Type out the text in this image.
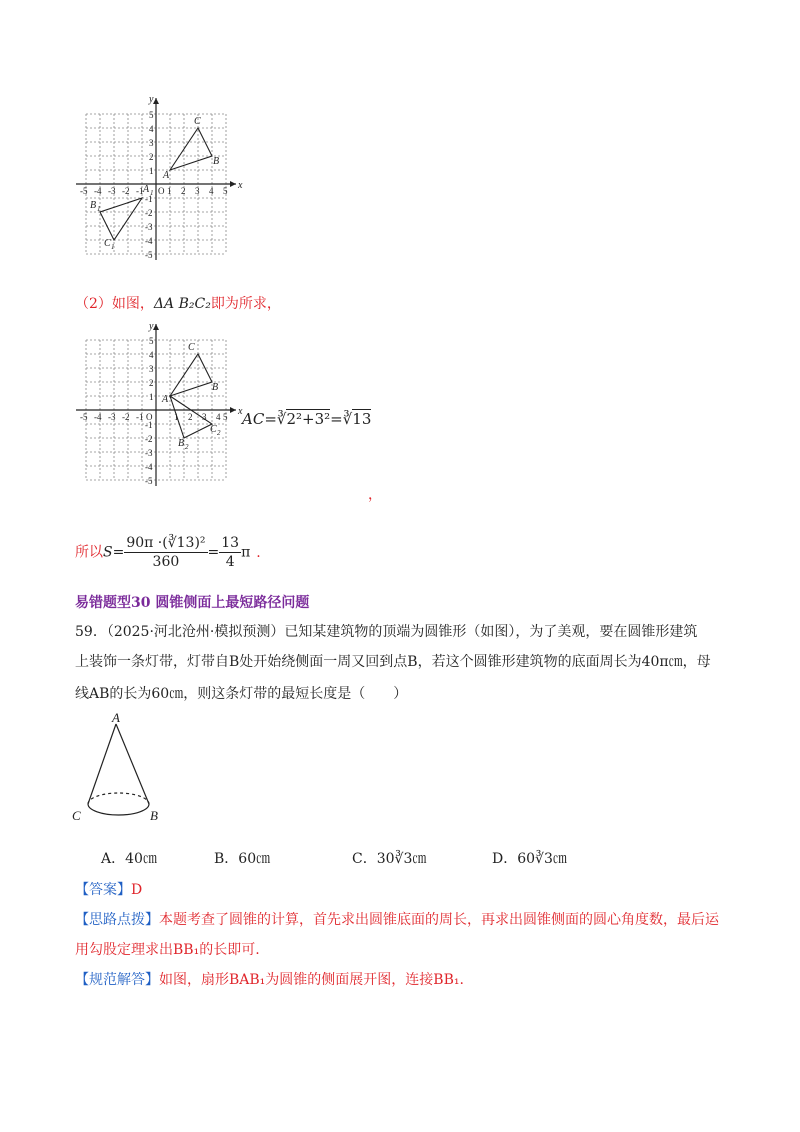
x
y
-5 -4 -3 -2 -1 O 1 2 3 4 5
5
4
3
2
1
-1
-2
-3
-4
-5
A
C
B
A 1
B 1
C 1
（2）如图，ΔA B₂C₂即为所求，
x
y
-5 -4 -3 -2 -1 O 1 2 3 4 5
5
4
3
2
1
-1
-2
-3
-4
-5
A
C
B
C 2
B 2
AC=∛2²+3²=∛13
，
所以$S= \frac{\text{90π ·(∛13)²}}{360} = \frac{13}{4}$ π .
易错题型30 圆锥侧面上最短路径问题
59．（2025·河北沧州·模拟预测）已知某建筑物的顶端为圆锥形（如图），为了美观，要在圆锥形建筑
上装饰一条灯带，灯带自B处开始绕侧面一周又回到点B，若这个圆锥形建筑物的底面周长为40π㎝，母
线AB的长为60㎝，则这条灯带的最短长度是（　　）
A
C	B
A．40㎝	B．60㎝	C．30∛3㎝	D．60∛3㎝
【答案】D
【思路点拨】本题考查了圆锥的计算，首先求出圆锥底面的周长，再求出圆锥侧面的圆心角度数，最后运
用勾股定理求出BB₁的长即可.
【规范解答】如图，扇形BAB₁为圆锥的侧面展开图，连接BB₁.
